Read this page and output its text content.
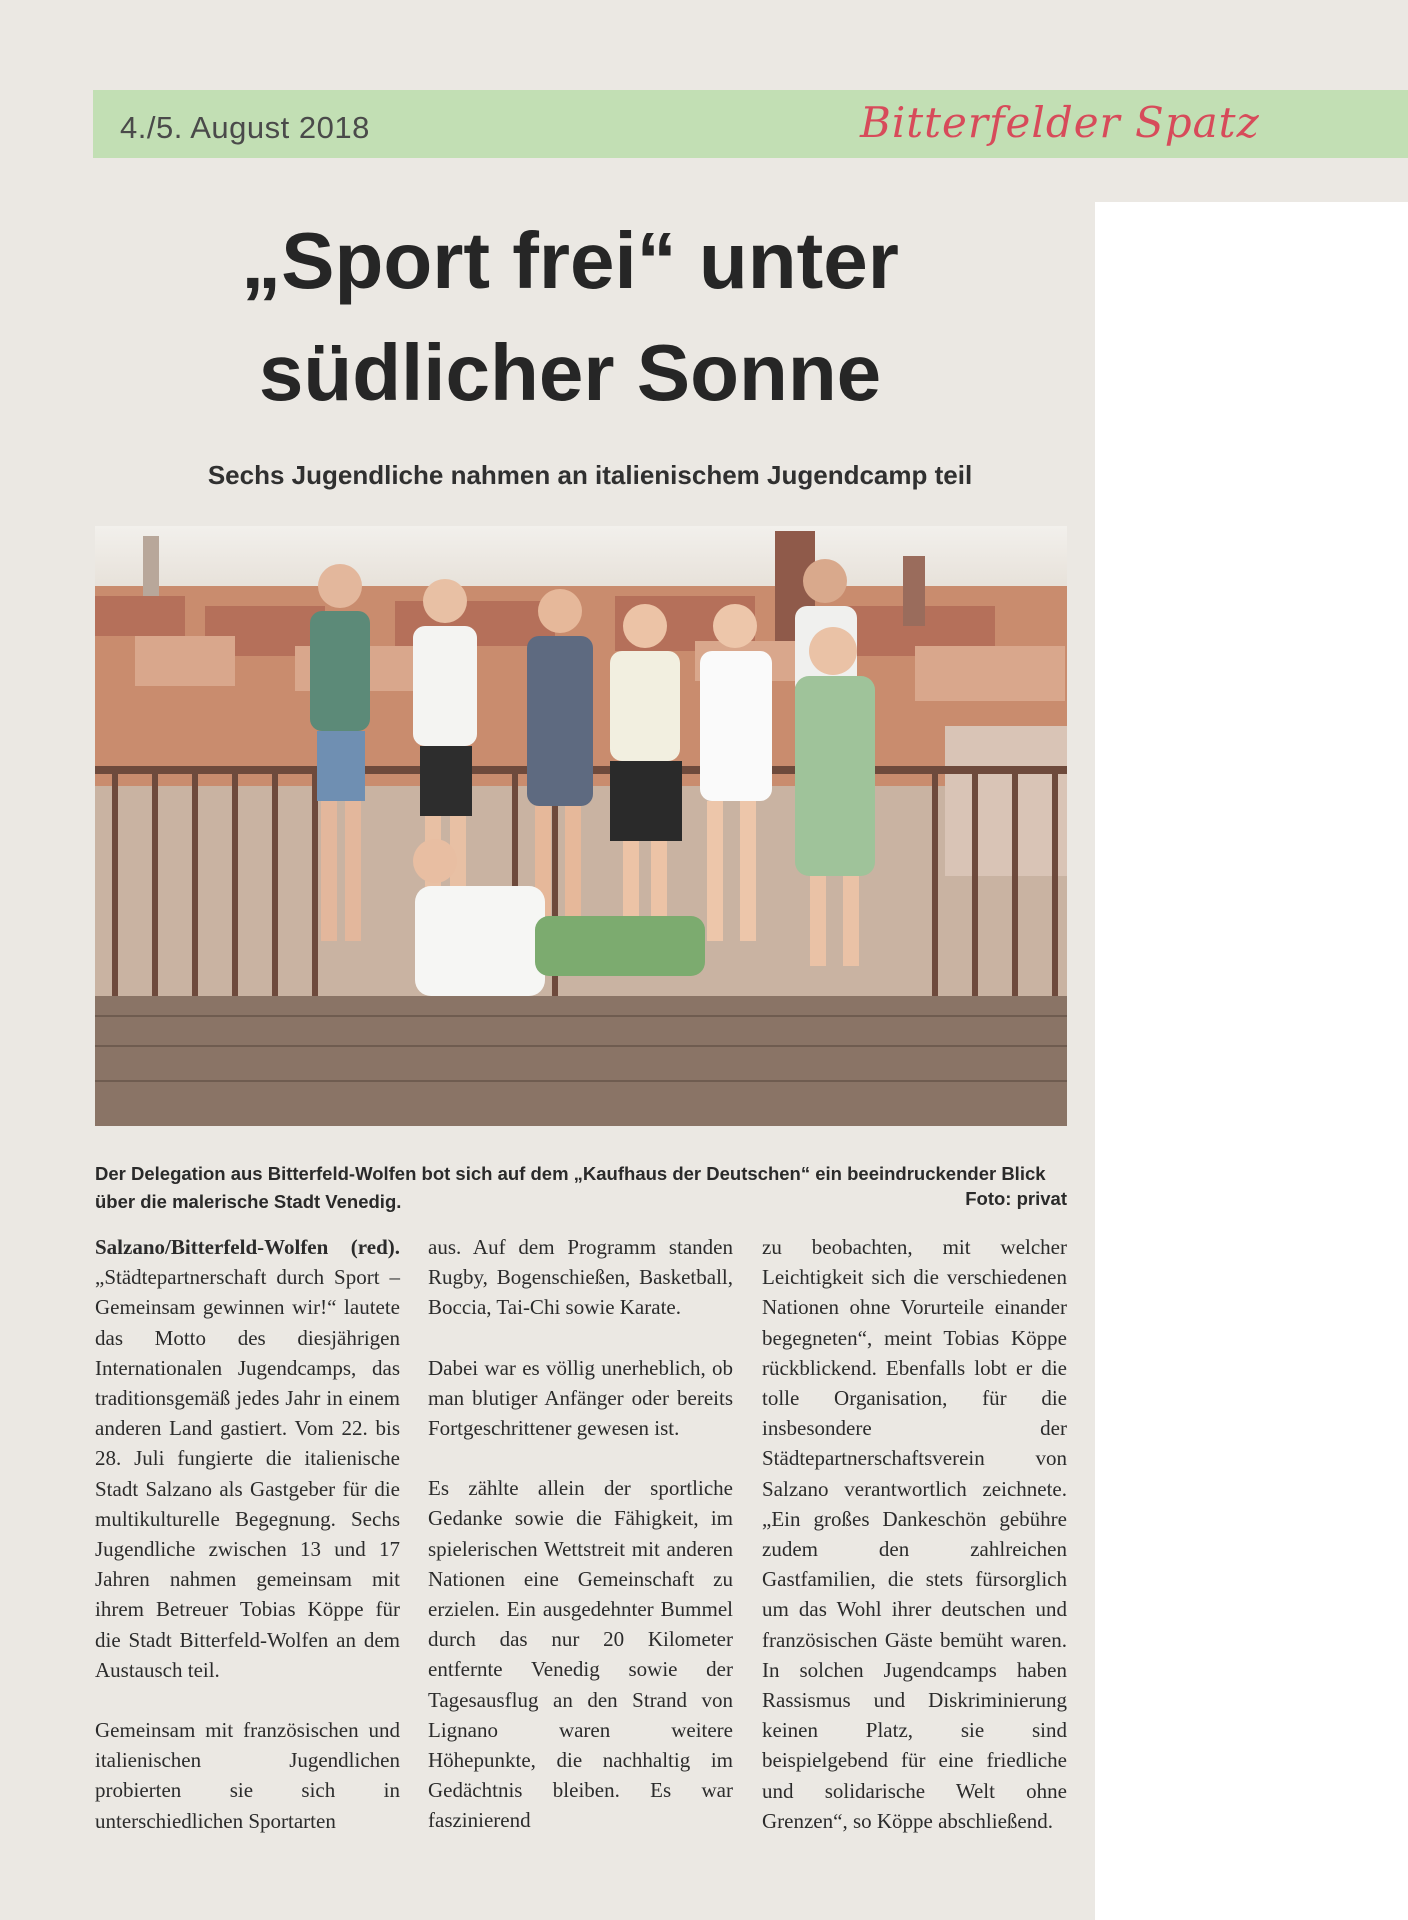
4./5. August 2018	Bitterfelder Spatz
„Sport frei“ unter
südlicher Sonne
Sechs Jugendliche nahmen an italienischem Jugendcamp teil
Der Delegation aus Bitterfeld-Wolfen bot sich auf dem „Kaufhaus der Deutschen“ ein beeindruckender Blick über die malerische Stadt Venedig.	Foto: privat

Salzano/Bitterfeld-Wolfen (red). „Städtepartnerschaft durch Sport – Gemeinsam gewinnen wir!“ lautete das Motto des diesjährigen Internationalen Jugendcamps, das traditionsgemäß jedes Jahr in einem anderen Land gastiert. Vom 22. bis 28. Juli fungierte die italienische Stadt Salzano als Gastgeber für die multikulturelle Begegnung. Sechs Jugendliche zwischen 13 und 17 Jahren nahmen gemeinsam mit ihrem Betreuer Tobias Köppe für die Stadt Bitterfeld-Wolfen an dem Austausch teil.

Gemeinsam mit französischen und italienischen Jugendlichen probierten sie sich in unterschiedlichen Sportarten

aus. Auf dem Programm standen Rugby, Bogenschießen, Basketball, Boccia, Tai-Chi sowie Karate.

Dabei war es völlig unerheblich, ob man blutiger Anfänger oder bereits Fortgeschrittener gewesen ist.

Es zählte allein der sportliche Gedanke sowie die Fähigkeit, im spielerischen Wettstreit mit anderen Nationen eine Gemeinschaft zu erzielen. Ein ausgedehnter Bummel durch das nur 20 Kilometer entfernte Venedig sowie der Tagesausflug an den Strand von Lignano waren weitere Höhepunkte, die nachhaltig im Gedächtnis bleiben. Es war faszinierend

zu beobachten, mit welcher Leichtigkeit sich die verschiedenen Nationen ohne Vorurteile einander begegneten“, meint Tobias Köppe rückblickend. Ebenfalls lobt er die tolle Organisation, für die insbesondere der Städtepartnerschaftsverein von Salzano verantwortlich zeichnete. „Ein großes Dankeschön gebühre zudem den zahlreichen Gastfamilien, die stets fürsorglich um das Wohl ihrer deutschen und französischen Gäste bemüht waren. In solchen Jugendcamps haben Rassismus und Diskriminierung keinen Platz, sie sind beispielgebend für eine friedliche und solidarische Welt ohne Grenzen“, so Köppe abschließend.
